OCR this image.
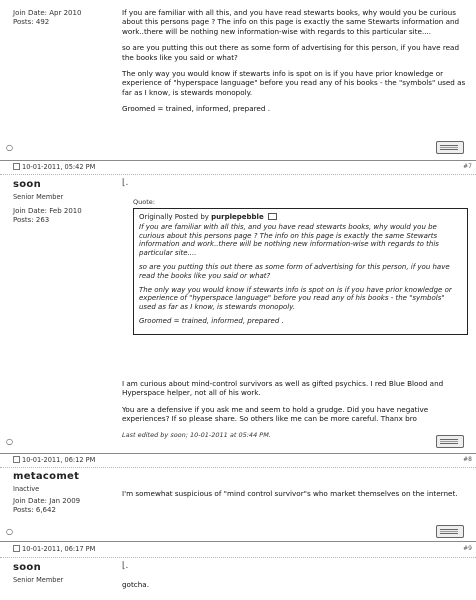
Join Date: Apr 2010
Posts: 492

If you are familiar with all this, and you have read stewarts books, why would you be curious about this persons page ? The info on this page is exactly the same Stewarts information and work..there will be nothing new information-wise with regards to this particular site....

so are you putting this out there as some form of advertising for this person, if you have read the books like you said or what?

The only way you would know if stewarts info is spot on is if you have prior knowledge or experience of "hyperspace language" before you read any of his books - the "symbols" used as far as I know, is stewards monopoly.

Groomed = trained, informed, prepared .

○
10-01-2011, 05:42 PM	#7
soon
Senior Member
Join Date: Feb 2010
Posts: 263
⌊.
Quote:
Originally Posted by purplepebble

If you are familiar with all this, and you have read stewarts books, why would you be curious about this persons page ? The info on this page is exactly the same Stewarts information and work..there will be nothing new information-wise with regards to this particular site....

so are you putting this out there as some form of advertising for this person, if you have read the books like you said or what?

The only way you would know if stewarts info is spot on is if you have prior knowledge or experience of "hyperspace language" before you read any of his books - the "symbols" used as far as I know, is stewards monopoly.

Groomed = trained, informed, prepared .

I am curious about mind-control survivors as well as gifted psychics. I red Blue Blood and Hyperspace helper, not all of his work.

You are a defensive if you ask me and seem to hold a grudge. Did you have negative experiences? If so please share. So others like me can be more careful. Thanx bro

Last edited by soon; 10-01-2011 at 05:44 PM.
○
10-01-2011, 06:12 PM	#8
metacomet
Inactive
Join Date: Jan 2009
Posts: 6,642

I'm somewhat suspicious of "mind control survivor"s who market themselves on the internet.

○
10-01-2011, 06:17 PM	#9
soon
Senior Member
⌊.

gotcha.
